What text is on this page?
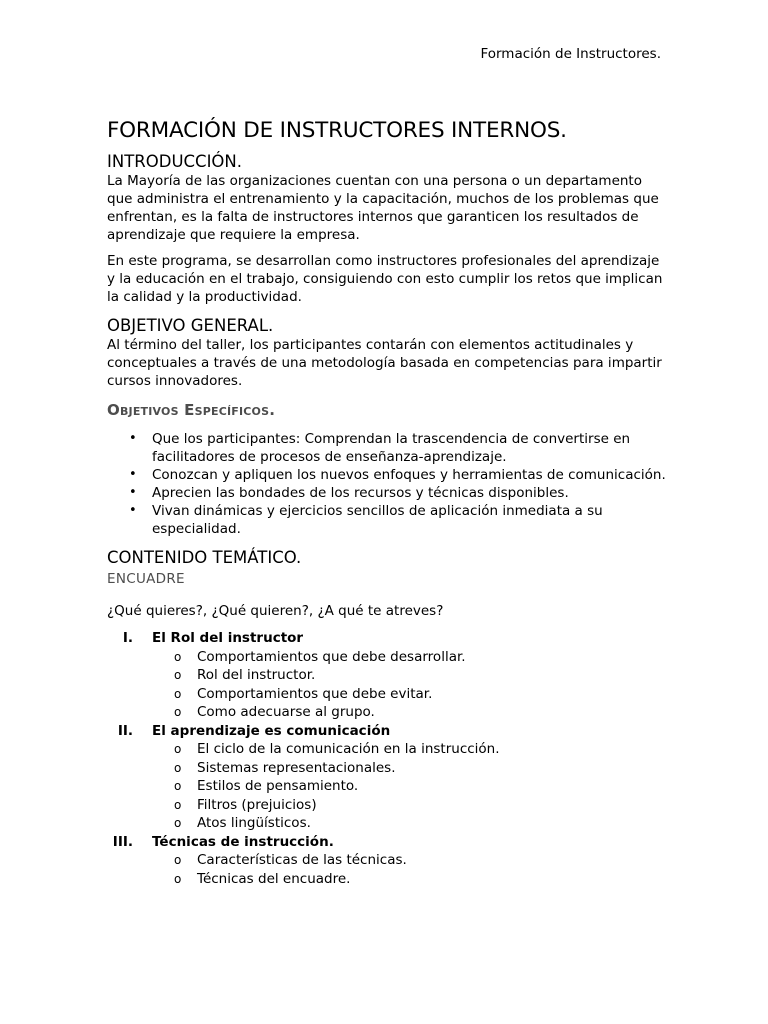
Formación de Instructores.
FORMACIÓN DE INSTRUCTORES INTERNOS.
INTRODUCCIÓN.

La Mayoría de las organizaciones cuentan con una persona o un departamento que administra el entrenamiento y la capacitación, muchos de los problemas que enfrentan, es la falta de instructores internos que garanticen los resultados de aprendizaje que requiere la empresa.

En este programa, se desarrollan como instructores profesionales del aprendizaje y la educación en el trabajo, consiguiendo con esto cumplir los retos que implican la calidad y la productividad.

OBJETIVO GENERAL.

Al término del taller, los participantes contarán con elementos actitudinales y conceptuales a través de una metodología basada en competencias para impartir cursos innovadores.

Objetivos Específicos.
• Que los participantes: Comprendan la trascendencia de convertirse en facilitadores de procesos de enseñanza-aprendizaje.
• Conozcan y apliquen los nuevos enfoques y herramientas de comunicación.
• Aprecien las bondades de los recursos y técnicas disponibles.
• Vivan dinámicas y ejercicios sencillos de aplicación inmediata a su especialidad.
CONTENIDO TEMÁTICO.
ENCUADRE

¿Qué quieres?, ¿Qué quieren?, ¿A qué te atreves?

I.	El Rol del instructor
o Comportamientos que debe desarrollar.
o Rol del instructor.
o Comportamientos que debe evitar.
o Como adecuarse al grupo.
II.	El aprendizaje es comunicación
o El ciclo de la comunicación en la instrucción.
o Sistemas representacionales.
o Estilos de pensamiento.
o Filtros (prejuicios)
o Atos lingüísticos.
III.	Técnicas de instrucción.
o Características de las técnicas.
o Técnicas del encuadre.
